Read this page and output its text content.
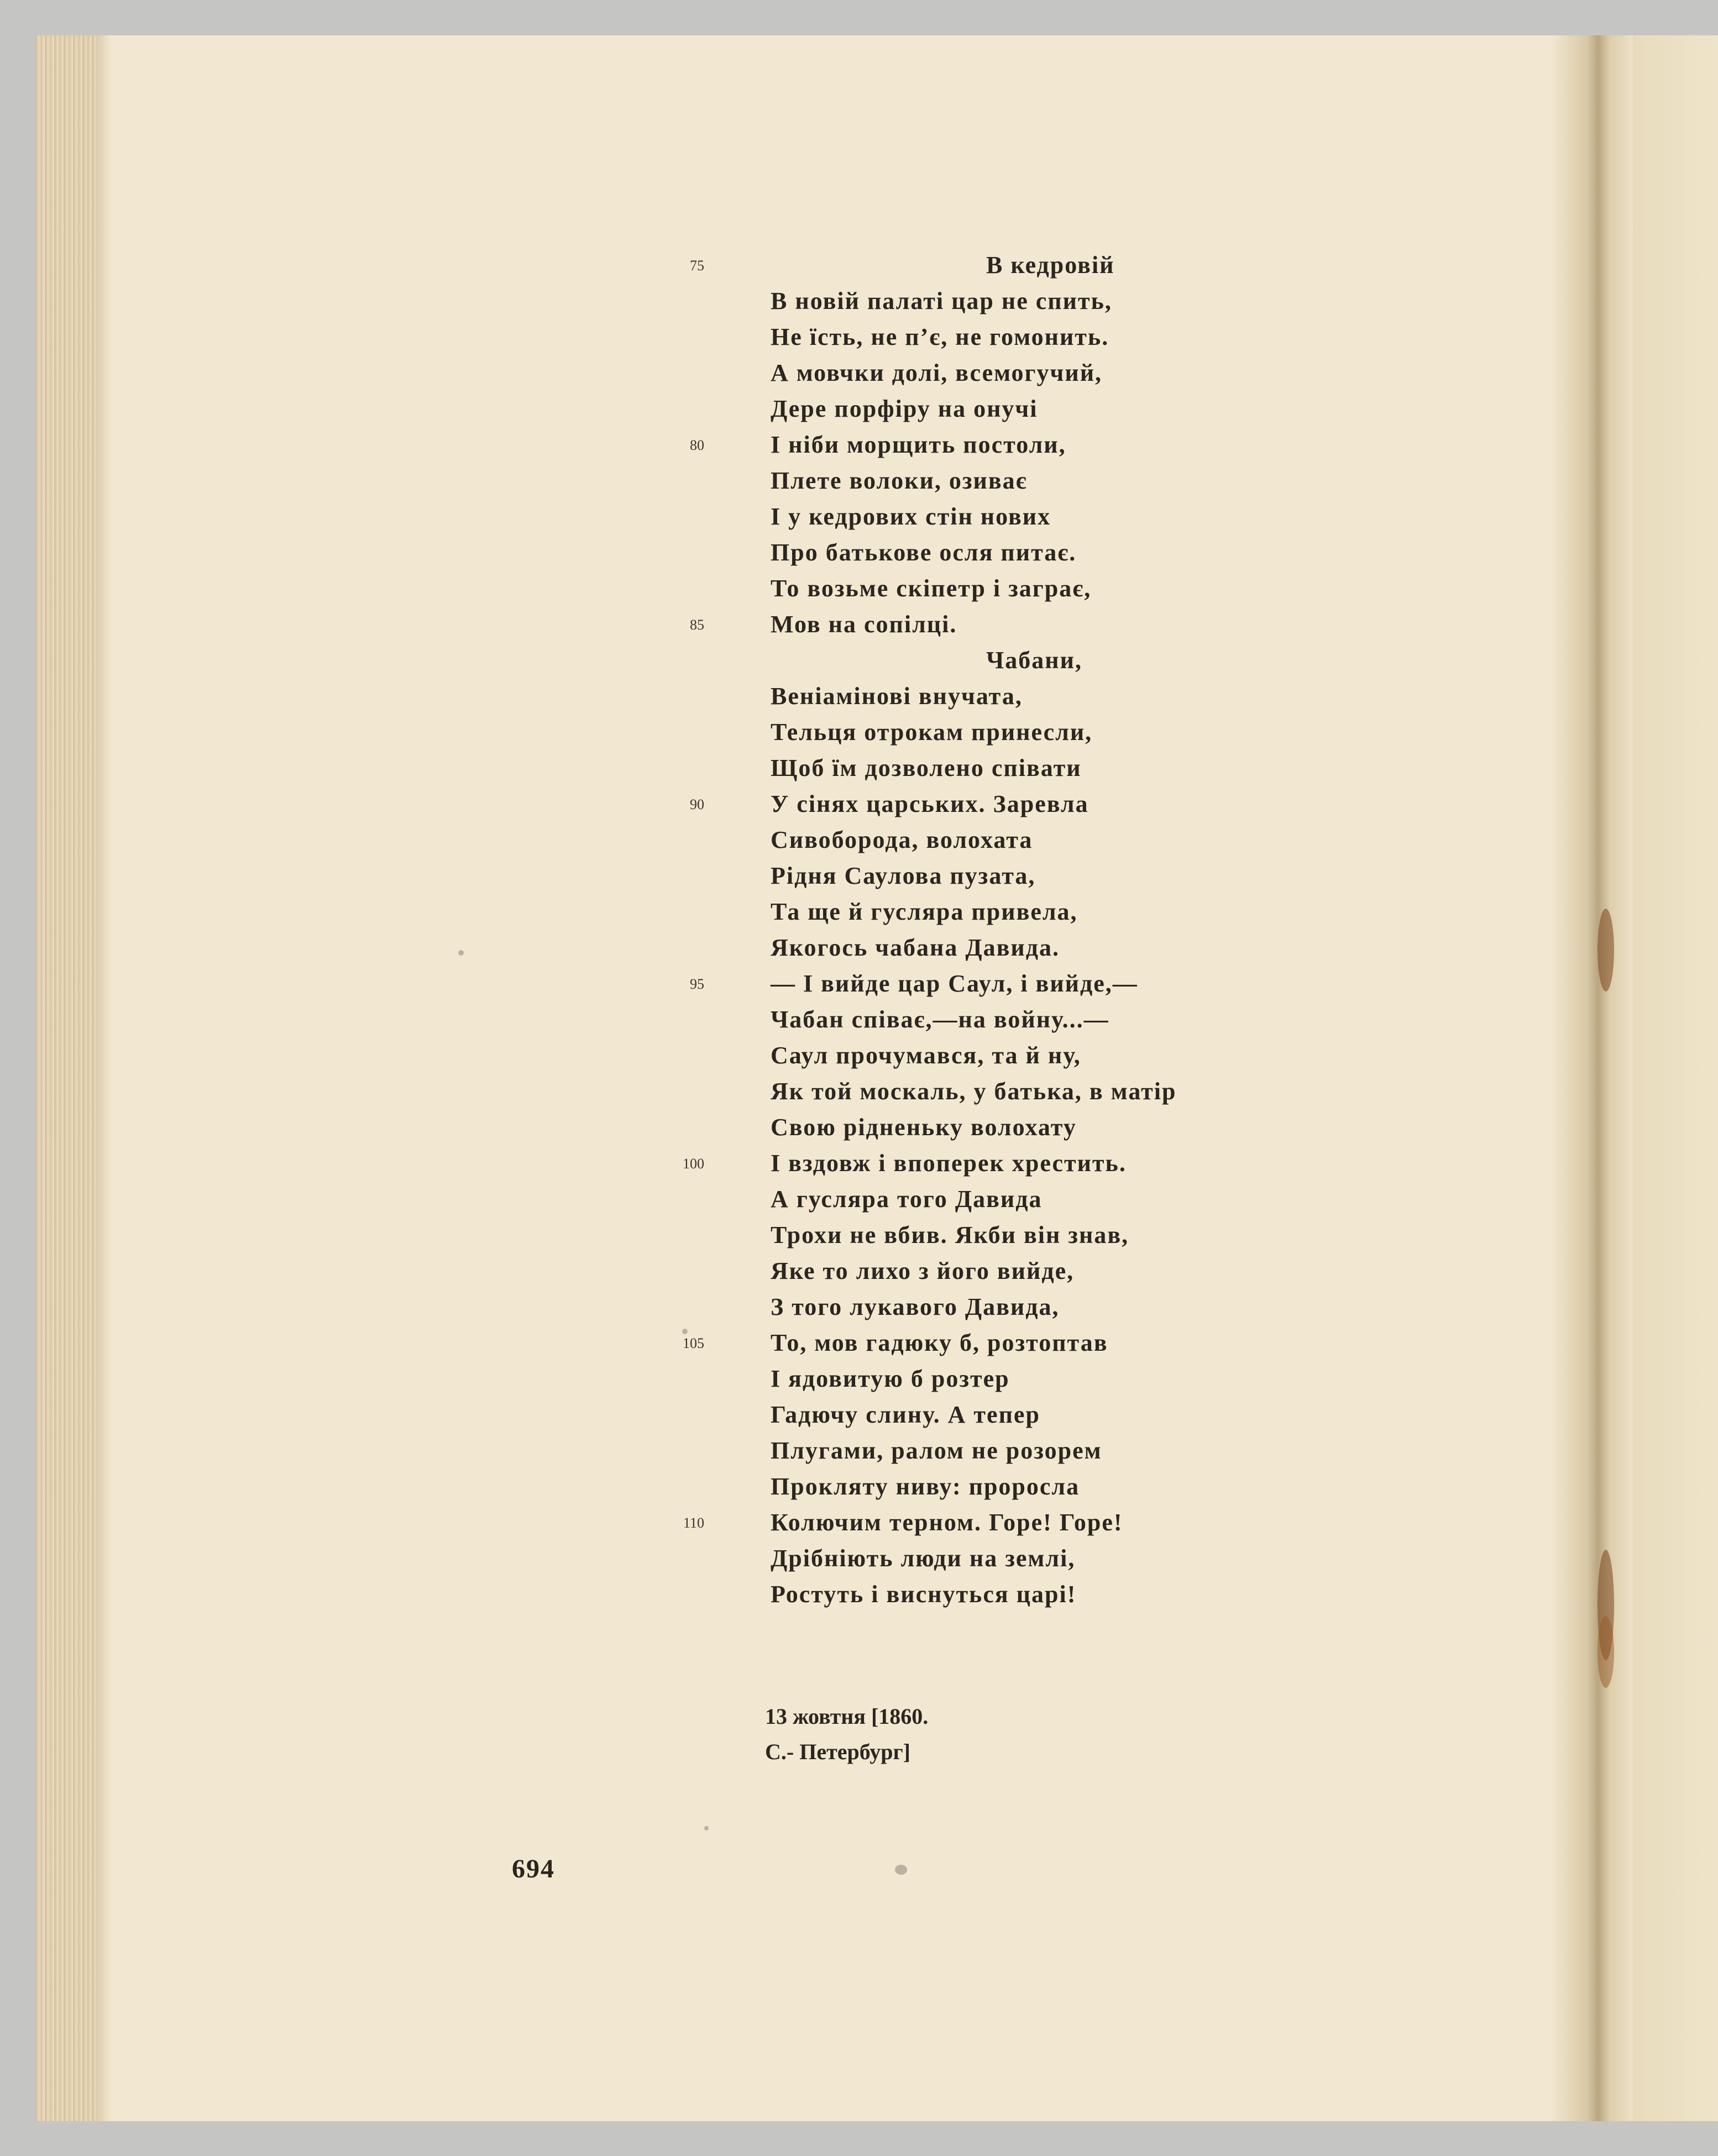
В кедровій
75
В новій палаті цар не спить,
Не їсть, не п’є, не гомонить.
А мовчки долі, всемогучий,
Дере порфіру на онучі
І ніби морщить постоли,
80
Плете волоки, озиває
І у кедрових стін нових
Про батькове осля питає.
То возьме скіпетр і заграє,
Мов на сопілці.
85
Чабани,
Веніамінові внучата,
Тельця отрокам принесли,
Щоб їм дозволено співати
У сінях царських. Заревла
90
Сивоборода, волохата
Рідня Саулова пузата,
Та ще й гусляра привела,
Якогось чабана Давида.
— І вийде цар Саул, і вийде,—
95
Чабан співає,—на войну...—
Саул прочумався, та й ну,
Як той москаль, у батька, в матір
Свою рідненьку волохату
І вздовж і впоперек хрестить.
100
А гусляра того Давида
Трохи не вбив. Якби він знав,
Яке то лихо з його вийде,
З того лукавого Давида,
То, мов гадюку б, розтоптав
105
І ядовитую б розтер
Гадючу слину. А тепер
Плугами, ралом не розорем
Прокляту ниву: проросла
Колючим терном. Горе! Горе!
110
Дрібніють люди на землі,
Ростуть і виснуться царі!
13 жовтня [1860.
С.- Петербург]
694
